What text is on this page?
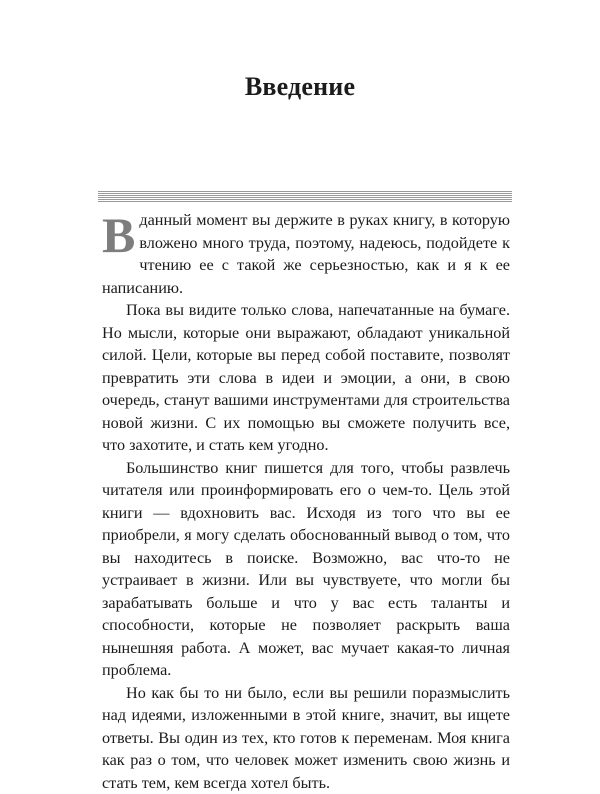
Введение

Вданный момент вы держите в руках книгу, в которую вложено много труда, поэтому, надеюсь, подойдете к чтению ее с такой же серьезностью, как и я к ее написанию.

Пока вы видите только слова, напечатанные на бумаге. Но мысли, которые они выражают, обладают уникальной силой. Цели, которые вы перед собой поставите, позволят превратить эти слова в идеи и эмоции, а они, в свою очередь, станут вашими инструментами для строительства новой жизни. С их помощью вы сможете получить все, что захотите, и стать кем угодно.

Большинство книг пишется для того, чтобы развлечь читателя или проинформировать его о чем-то. Цель этой книги — вдохновить вас. Исходя из того что вы ее приобрели, я могу сделать обоснованный вывод о том, что вы находитесь в поиске. Возможно, вас что-то не устраивает в жизни. Или вы чувствуете, что могли бы зарабатывать больше и что у вас есть таланты и способности, которые не позволяет раскрыть ваша нынешняя работа. А может, вас мучает какая-то личная проблема.

Но как бы то ни было, если вы решили поразмыслить над идеями, изложенными в этой книге, значит, вы ищете ответы. Вы один из тех, кто готов к переменам. Моя книга как раз о том, что человек может изменить свою жизнь и стать тем, кем всегда хотел быть.
